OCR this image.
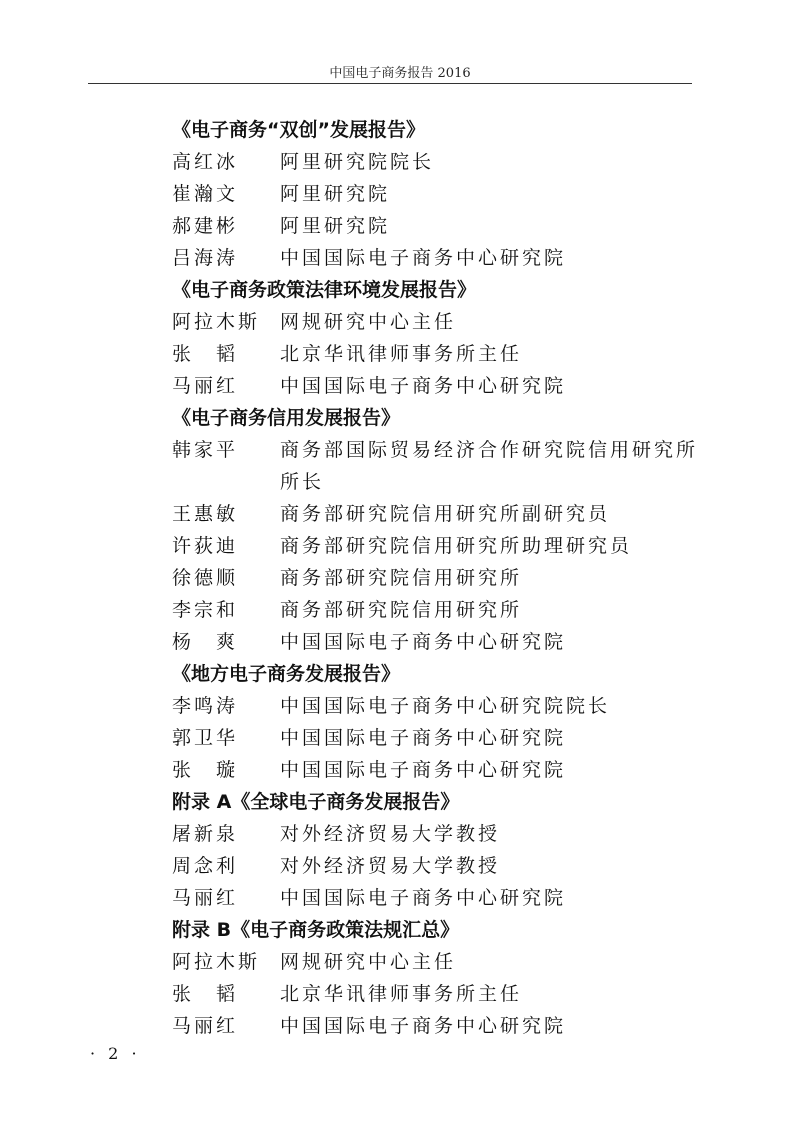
中国电子商务报告 2016
《电子商务“双创”发展报告》
高红冰	阿里研究院院长
崔瀚文	阿里研究院
郝建彬	阿里研究院
吕海涛	中国国际电子商务中心研究院
《电子商务政策法律环境发展报告》
阿拉木斯	网规研究中心主任
张　韬	北京华讯律师事务所主任
马丽红	中国国际电子商务中心研究院
《电子商务信用发展报告》
韩家平	商务部国际贸易经济合作研究院信用研究所所长
王惠敏	商务部研究院信用研究所副研究员
许荻迪	商务部研究院信用研究所助理研究员
徐德顺	商务部研究院信用研究所
李宗和	商务部研究院信用研究所
杨　爽	中国国际电子商务中心研究院
《地方电子商务发展报告》
李鸣涛	中国国际电子商务中心研究院院长
郭卫华	中国国际电子商务中心研究院
张　璇	中国国际电子商务中心研究院
附录 A《全球电子商务发展报告》
屠新泉	对外经济贸易大学教授
周念利	对外经济贸易大学教授
马丽红	中国国际电子商务中心研究院
附录 B《电子商务政策法规汇总》
阿拉木斯	网规研究中心主任
张　韬	北京华讯律师事务所主任
马丽红	中国国际电子商务中心研究院
· 2 ·
